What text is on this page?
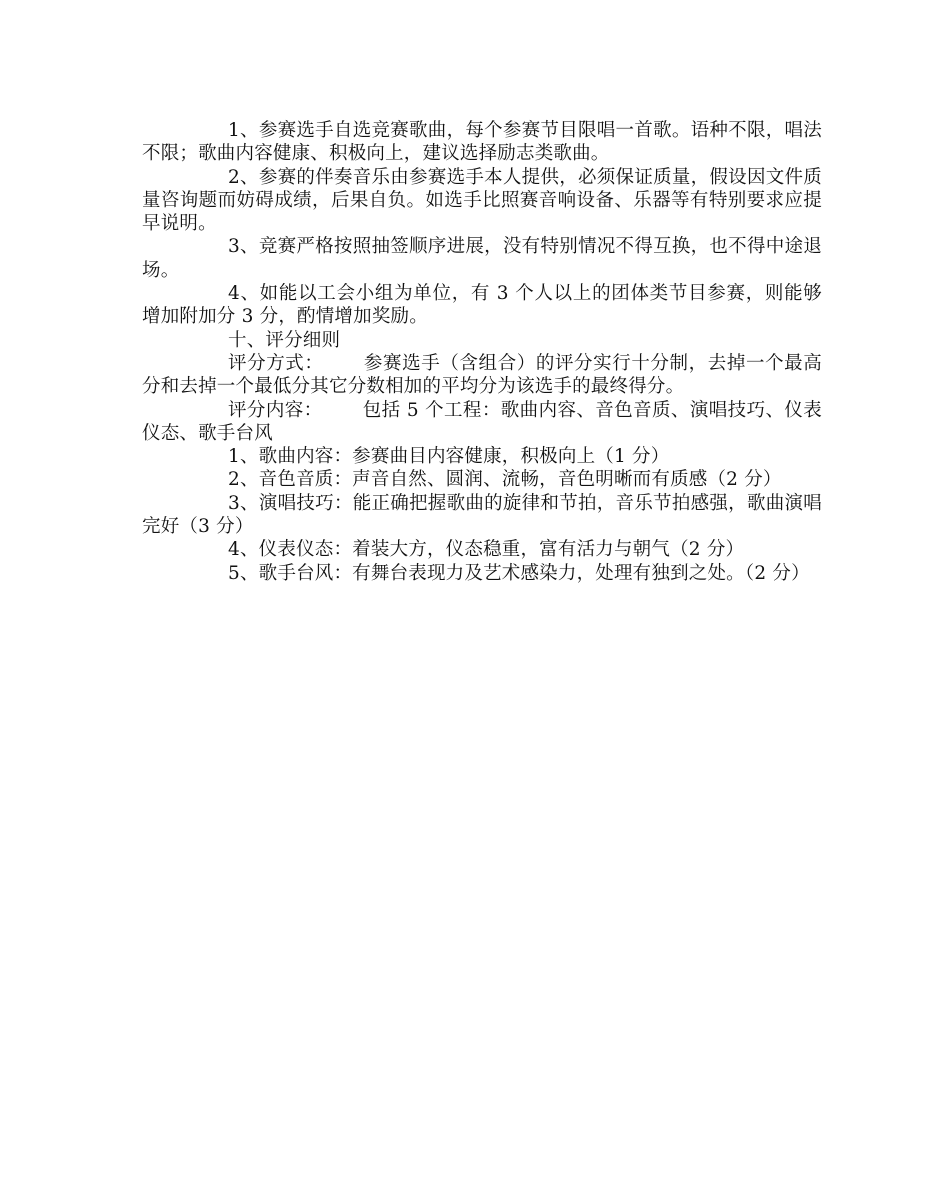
1、参赛选手自选竞赛歌曲，每个参赛节目限唱一首歌。语种不限，唱法不限；歌曲内容健康、积极向上，建议选择励志类歌曲。

2、参赛的伴奏音乐由参赛选手本人提供，必须保证质量，假设因文件质量咨询题而妨碍成绩，后果自负。如选手比照赛音响设备、乐器等有特别要求应提早说明。

3、竞赛严格按照抽签顺序进展，没有特别情况不得互换，也不得中途退场。

4、如能以工会小组为单位，有 3 个人以上的团体类节目参赛，则能够增加附加分 3 分，酌情增加奖励。

十、评分细则

评分方式： 参赛选手（含组合）的评分实行十分制，去掉一个最高分和去掉一个最低分其它分数相加的平均分为该选手的最终得分。

评分内容： 包括 5 个工程：歌曲内容、音色音质、演唱技巧、仪表仪态、歌手台风

1、歌曲内容：参赛曲目内容健康，积极向上（1 分）

2、音色音质：声音自然、圆润、流畅，音色明晰而有质感（2 分）

3、演唱技巧：能正确把握歌曲的旋律和节拍，音乐节拍感强，歌曲演唱完好（3 分）

4、仪表仪态：着装大方，仪态稳重，富有活力与朝气（2 分）

5、歌手台风：有舞台表现力及艺术感染力，处理有独到之处。（2 分）
